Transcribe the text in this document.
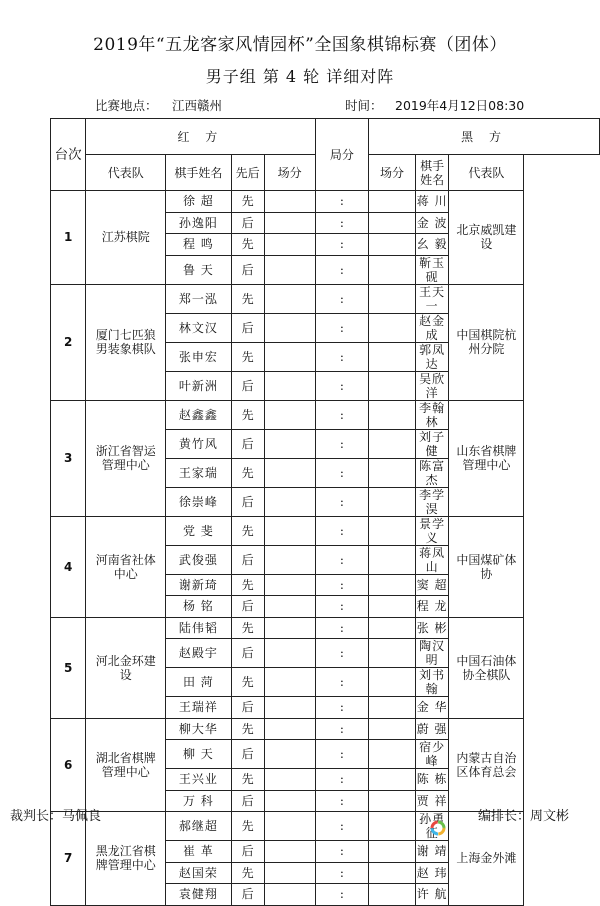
2019年“五龙客家风情园杯”全国象棋锦标赛（团体）
男子组 第 4 轮 详细对阵
比赛地点： 江西赣州	时间： 2019年4月12日08:30
台次	红 方				局分	黑 方		
	代表队	棋手姓名	先后	场分		场分	棋手姓名	代表队
1	江苏棋院	徐 超	先		:		蒋 川	北京威凯建设
		孙逸阳	后		:		金 波	
		程 鸣	先		:		幺 毅	
		鲁 天	后		:		靳玉砚	
2	厦门七匹狼男装象棋队	郑一泓	先		:		王天一	中国棋院杭州分院
		林文汉	后		:		赵金成	
		张申宏	先		:		郭凤达	
		叶新洲	后		:		吴欣洋	
3	浙江省智运管理中心	赵鑫鑫	先		:		李翰林	山东省棋牌管理中心
		黄竹风	后		:		刘子健	
		王家瑞	先		:		陈富杰	
		徐崇峰	后		:		李学淏	
4	河南省社体中心	党 斐	先		:		景学义	中国煤矿体协
		武俊强	后		:		蒋凤山	
		谢新琦	先		:		窦 超	
		杨 铭	后		:		程 龙	
5	河北金环建设	陆伟韬	先		:		张 彬	中国石油体协全棋队
		赵殿宇	后		:		陶汉明	
		田 菏	先		:		刘书翰	
		王瑞祥	后		:		金 华	
6	湖北省棋牌管理中心	柳大华	先		:		蔚 强	内蒙古自治区体育总会
		柳 天	后		:		宿少峰	
		王兴业	先		:		陈 栋	
		万 科	后		:		贾 祥	
7	黑龙江省棋牌管理中心	郝继超	先		:		孙勇征	上海金外滩
		崔 革	后		:		谢 靖	
		赵国荣	先		:		赵 玮	
		袁健翔	后		:		许 航	
裁判长：马佩良	编排长：周文彬
